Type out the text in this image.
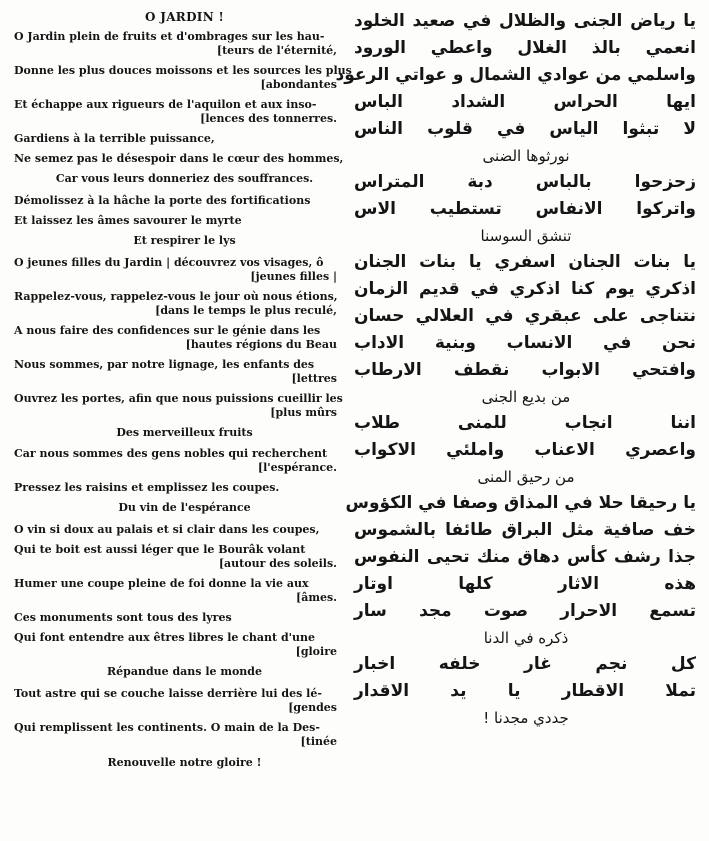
O JARDIN !
O Jardin plein de fruits et d'ombrages sur les hau-
[teurs de l'éternité,
Donne les plus douces moissons et les sources les plus
[abondantes
Et échappe aux rigueurs de l'aquilon et aux inso-
[lences des tonnerres.
Gardiens à la terrible puissance,
Ne semez pas le désespoir dans le cœur des hommes,
Car vous leurs donneriez des souffrances.
Démolissez à la hâche la porte des fortifications
Et laissez les âmes savourer le myrte
Et respirer le lys
O jeunes filles du Jardin | découvrez vos visages, ô
[jeunes filles |
Rappelez-vous, rappelez-vous le jour où nous étions,
[dans le temps le plus reculé,
A nous faire des confidences sur le génie dans les
[hautes régions du Beau
Nous sommes, par notre lignage, les enfants des
[lettres
Ouvrez les portes, afin que nous puissions cueillir les
[plus mûrs
Des merveilleux fruits
Car nous sommes des gens nobles qui recherchent
[l'espérance.
Pressez les raisins et emplissez les coupes.
Du vin de l'espérance
O vin si doux au palais et si clair dans les coupes,
Qui te boit est aussi léger que le Bourâk volant
[autour des soleils.
Humer une coupe pleine de foi donne la vie aux
[âmes.
Ces monuments sont tous des lyres
Qui font entendre aux êtres libres le chant d'une
[gloire
Répandue dans le monde
Tout astre qui se couche laisse derrière lui des lé-
[gendes
Qui remplissent les continents. O main de la Des-
[tinée
Renouvelle notre gloire !
يا رياض الجنى والظلال في صعيد الخلود
انعمي بالذ الغلال واعطي الورود
واسلمي من عوادي الشمال و عواتي الرعود
ايها الحراس الشداد الباس
لا تبثوا الياس في قلوب الناس
نورثوها الضنى
زحزحوا بالباس دبة المتراس
واتركوا الانفاس تستطيب الاس
تنشق السوسنا
يا بنات الجنان اسفري يا بنات الجنان
اذكري يوم كنا اذكري في قديم الزمان
نتناجى على عبقري في العلالي حسان
نحن في الانساب وبنية الاداب
وافتحي الابواب نقطف الارطاب
من بديع الجنى
اننا انجاب للمنى طلاب
واعصري الاعناب واملئي الاكواب
من رحيق المنى
يا رحيقا حلا في المذاق وصفا في الكؤوس
خف صافية مثل البراق طائفا بالشموس
جذا رشف كأس دهاق منك تحيى النفوس
هذه الاثار كلها اوتار
تسمع الاحرار صوت مجد سار
ذكره في الدنا
كل نجم غار خلفه اخبار
تملا الاقطار يا يد الاقدار
جددي مجدنا !
